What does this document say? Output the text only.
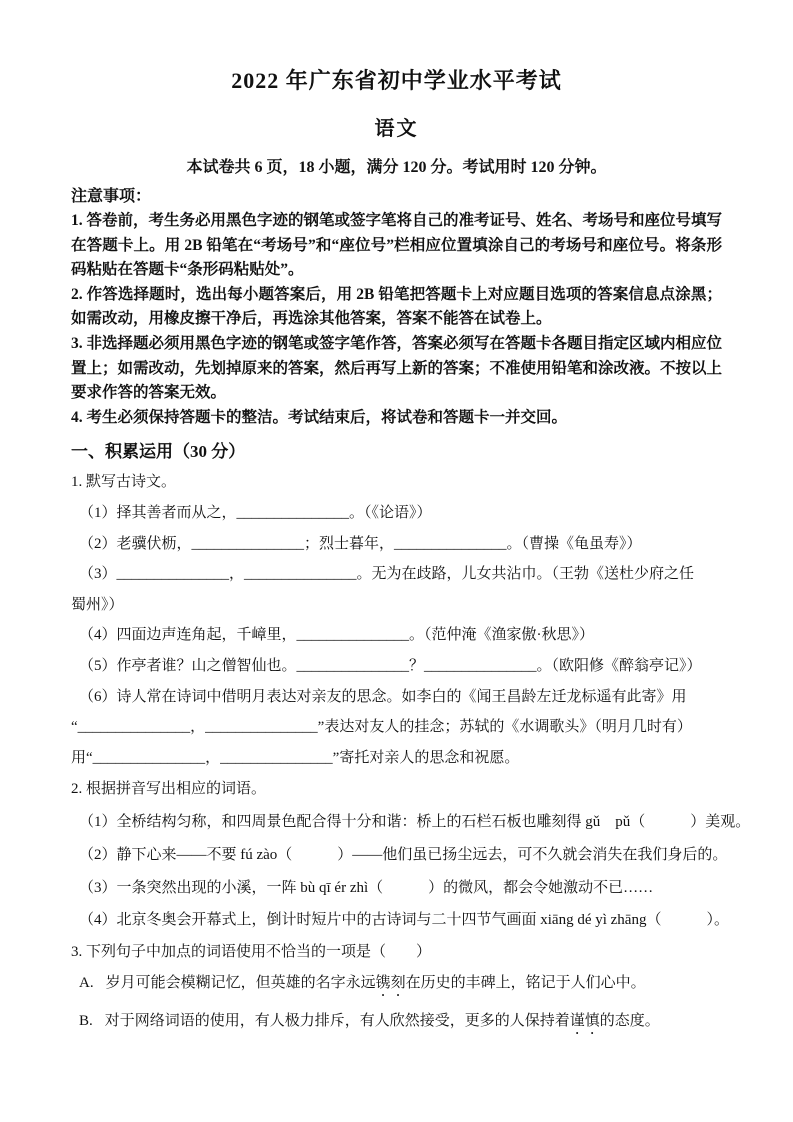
2022 年广东省初中学业水平考试
语文

本试卷共 6 页，18 小题，满分 120 分。考试用时 120 分钟。

注意事项：

1. 答卷前，考生务必用黑色字迹的钢笔或签字笔将自己的准考证号、姓名、考场号和座位号填写在答题卡上。用 2B 铅笔在“考场号”和“座位号”栏相应位置填涂自己的考场号和座位号。将条形码粘贴在答题卡“条形码粘贴处”。

2. 作答选择题时，选出每小题答案后，用 2B 铅笔把答题卡上对应题目选项的答案信息点涂黑；如需改动，用橡皮擦干净后，再选涂其他答案，答案不能答在试卷上。

3. 非选择题必须用黑色字迹的钢笔或签字笔作答，答案必须写在答题卡各题目指定区域内相应位置上；如需改动，先划掉原来的答案，然后再写上新的答案；不准使用铅笔和涂改液。不按以上要求作答的答案无效。

4. 考生必须保持答题卡的整洁。考试结束后，将试卷和答题卡一并交回。

一、积累运用（30 分）
1. 默写古诗文。
（1）择其善者而从之，_______________。（《论语》）
（2）老骥伏枥，_______________；烈士暮年，_______________。（曹操《龟虽寿》）
（3）_______________，_______________。无为在歧路，儿女共沾巾。（王勃《送杜少府之任
蜀州》）
（4）四面边声连角起，千嶂里，_______________。（范仲淹《渔家傲·秋思》）
（5）作亭者谁？山之僧智仙也。_______________？_______________。（欧阳修《醉翁亭记》）
（6）诗人常在诗词中借明月表达对亲友的思念。如李白的《闻王昌龄左迁龙标遥有此寄》用
“_______________，_______________”表达对友人的挂念；苏轼的《水调歌头》（明月几时有）
用“_______________，_______________”寄托对亲人的思念和祝愿。
2. 根据拼音写出相应的词语。
（1）全桥结构匀称，和四周景色配合得十分和谐：桥上的石栏石板也雕刻得 gǔ　pǔ（　　　）美观。
（2）静下心来——不要 fú zào（　　　）——他们虽已扬尘远去，可不久就会消失在我们身后的。
（3）一条突然出现的小溪，一阵 bù qī ér zhì（　　　）的微风，都会令她激动不已……
（4）北京冬奥会开幕式上，倒计时短片中的古诗词与二十四节气画面 xiāng dé yì zhāng（　　　）。
3. 下列句子中加点的词语使用不恰当的一项是（　　）
A. 岁月可能会模糊记忆，但英雄的名字永远镌刻在历史的丰碑上，铭记于人们心中。
B. 对于网络词语的使用，有人极力排斥，有人欣然接受，更多的人保持着谨慎的态度。
